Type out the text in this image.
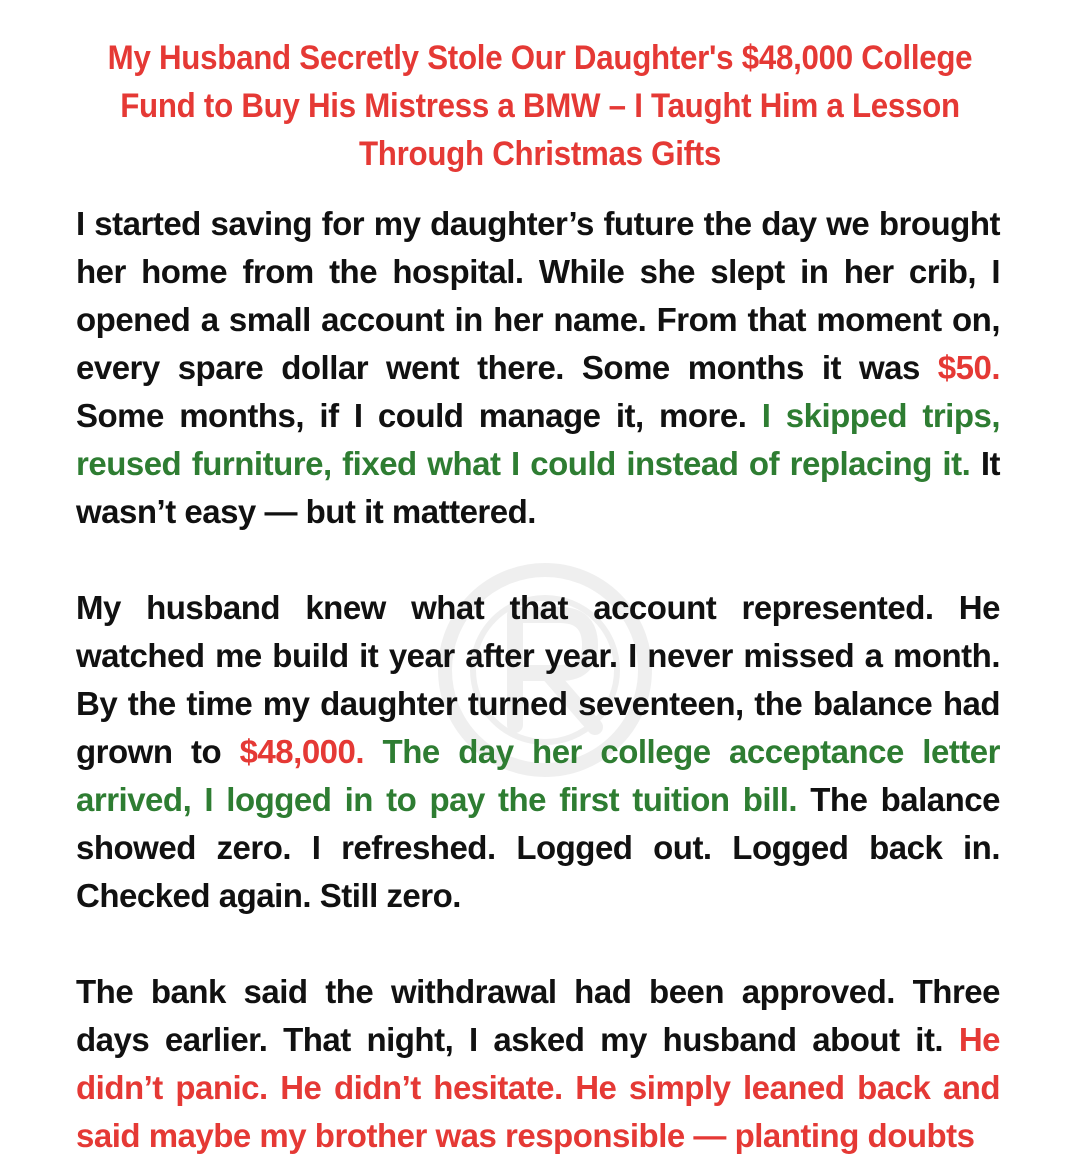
My Husband Secretly Stole Our Daughter's $48,000 College Fund to Buy His Mistress a BMW – I Taught Him a Lesson Through Christmas Gifts
I started saving for my daughter’s future the day we brought her home from the hospital. While she slept in her crib, I opened a small account in her name. From that moment on, every spare dollar went there. Some months it was $50. Some months, if I could manage it, more. I skipped trips, reused furniture, fixed what I could instead of replacing it. It wasn’t easy — but it mattered.
My husband knew what that account represented. He watched me build it year after year. I never missed a month. By the time my daughter turned seventeen, the balance had grown to $48,000. The day her college acceptance letter arrived, I logged in to pay the first tuition bill. The balance showed zero. I refreshed. Logged out. Logged back in. Checked again. Still zero.
The bank said the withdrawal had been approved. Three days earlier. That night, I asked my husband about it. He didn’t panic. He didn’t hesitate. He simply leaned back and said maybe my brother was responsible — planting doubts
